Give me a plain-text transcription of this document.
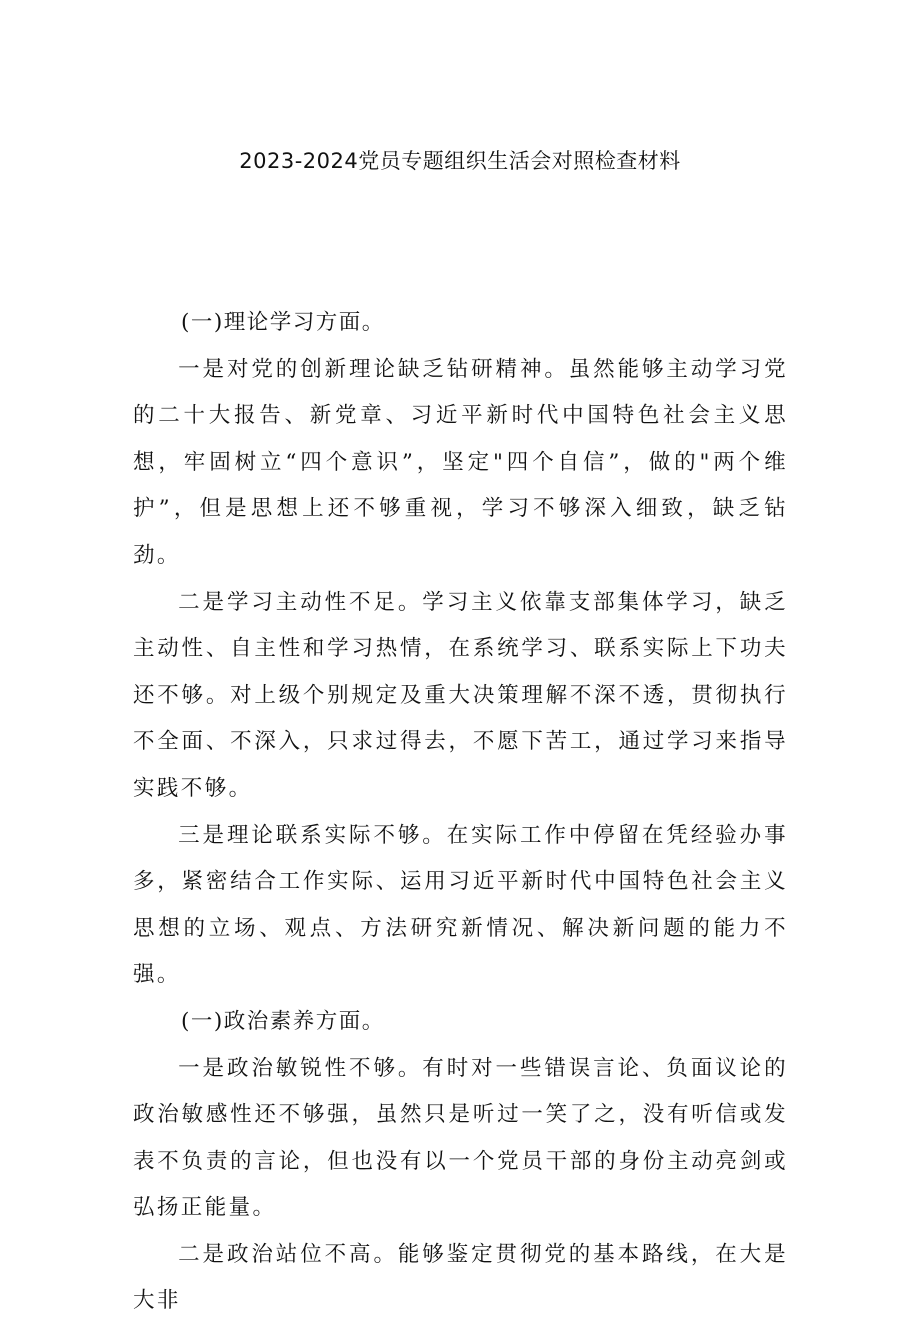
2023-2024党员专题组织生活会对照检查材料

(一)理论学习方面。

一是对党的创新理论缺乏钻研精神。虽然能够主动学习党的二十大报告、新党章、习近平新时代中国特色社会主义思想，牢固树立“四个意识”，坚定"四个自信”，做的"两个维护”，但是思想上还不够重视，学习不够深入细致，缺乏钻劲。

二是学习主动性不足。学习主义依靠支部集体学习，缺乏主动性、自主性和学习热情，在系统学习、联系实际上下功夫还不够。对上级个别规定及重大决策理解不深不透，贯彻执行不全面、不深入，只求过得去，不愿下苦工，通过学习来指导实践不够。

三是理论联系实际不够。在实际工作中停留在凭经验办事多，紧密结合工作实际、运用习近平新时代中国特色社会主义思想的立场、观点、方法研究新情况、解决新问题的能力不强。

(一)政治素养方面。

一是政治敏锐性不够。有时对一些错误言论、负面议论的政治敏感性还不够强，虽然只是听过一笑了之，没有听信或发表不负责的言论，但也没有以一个党员干部的身份主动亮剑或弘扬正能量。

二是政治站位不高。能够鉴定贯彻党的基本路线，在大是大非
